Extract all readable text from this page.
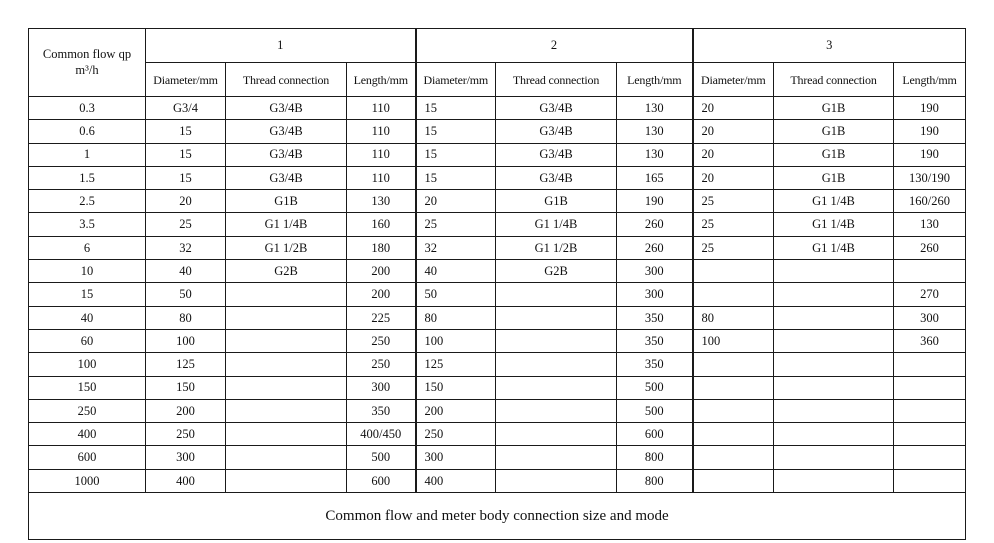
Common flow qp
m³/h	1			2			3		
	Diameter/mm	Thread connection	Length/mm	Diameter/mm	Thread connection	Length/mm	Diameter/mm	Thread connection	Length/mm
0.3	G3/4	G3/4B	110	15	G3/4B	130	20	G1B	190
0.6	15	G3/4B	110	15	G3/4B	130	20	G1B	190
1	15	G3/4B	110	15	G3/4B	130	20	G1B	190
1.5	15	G3/4B	110	15	G3/4B	165	20	G1B	130/190
2.5	20	G1B	130	20	G1B	190	25	G1 1/4B	160/260
3.5	25	G1 1/4B	160	25	G1 1/4B	260	25	G1 1/4B	130
6	32	G1 1/2B	180	32	G1 1/2B	260	25	G1 1/4B	260
10	40	G2B	200	40	G2B	300			
15	50		200	50		300			270
40	80		225	80		350	80		300
60	100		250	100		350	100		360
100	125		250	125		350			
150	150		300	150		500			
250	200		350	200		500			
400	250		400/450	250		600			
600	300		500	300		800			
1000	400		600	400		800			
Common flow and meter body connection size and mode									
